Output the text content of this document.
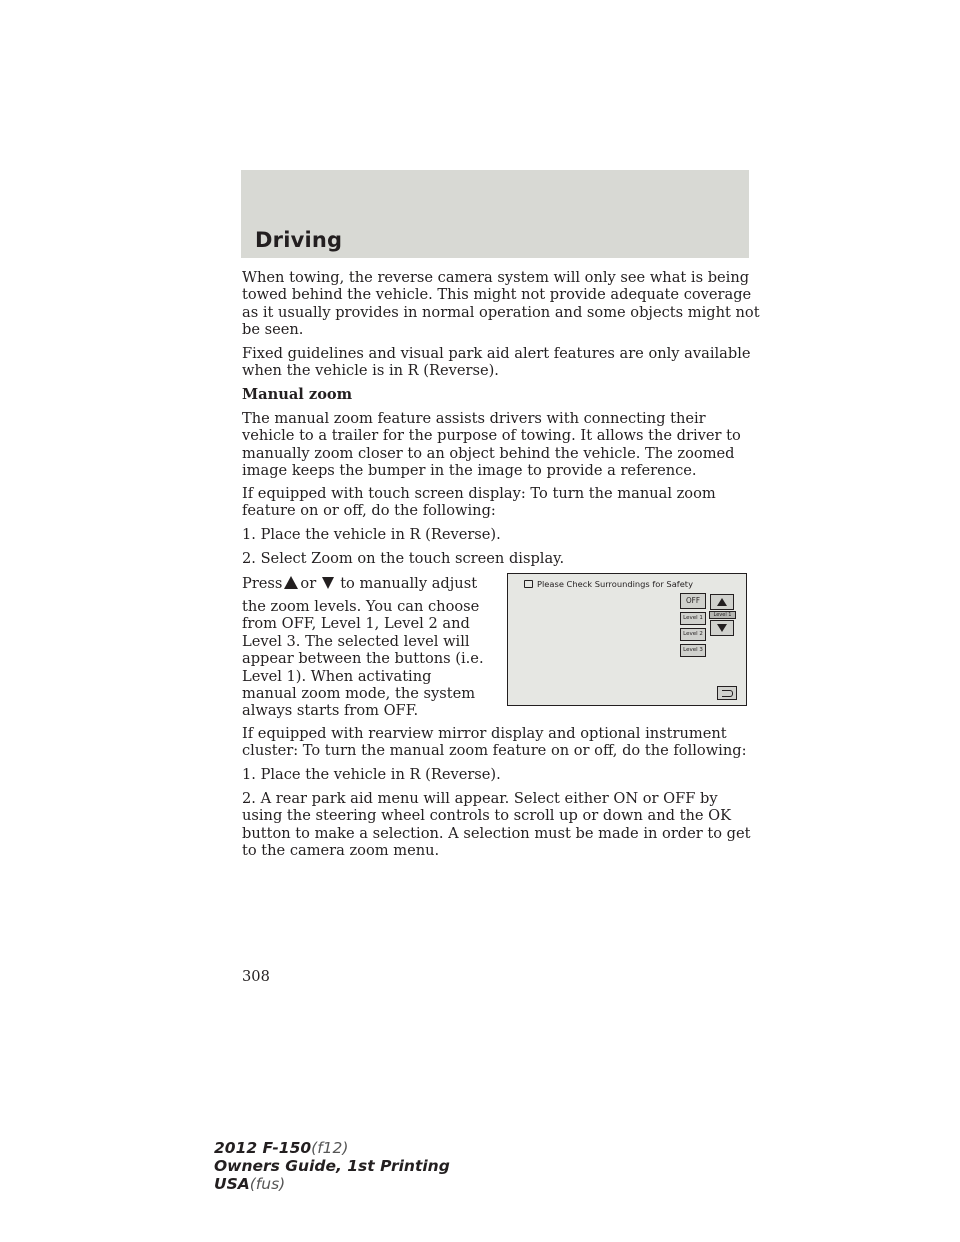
Driving

When towing, the reverse camera system will only see what is being towed behind the vehicle. This might not provide adequate coverage as it usually provides in normal operation and some objects might not be seen.

Fixed guidelines and visual park aid alert features are only available when the vehicle is in R (Reverse).

Manual zoom

The manual zoom feature assists drivers with connecting their vehicle to a trailer for the purpose of towing. It allows the driver to manually zoom closer to an object behind the vehicle. The zoomed image keeps the bumper in the image to provide a reference.

If equipped with touch screen display: To turn the manual zoom feature on or off, do the following:

1. Place the vehicle in R (Reverse).

2. Select Zoom on the touch screen display.

Press or to manually adjust

the zoom levels. You can choose from OFF, Level 1, Level 2 and Level 3. The selected level will appear between the buttons (i.e. Level 1). When activating manual zoom mode, the system always starts from OFF.

Please Check Surroundings for Safety
OFF
Level 1
Level 2
Level 3
Level 1

If equipped with rearview mirror display and optional instrument cluster: To turn the manual zoom feature on or off, do the following:

1. Place the vehicle in R (Reverse).

2. A rear park aid menu will appear. Select either ON or OFF by using the steering wheel controls to scroll up or down and the OK button to make a selection. A selection must be made in order to get to the camera zoom menu.

308
2012 F-150(f12)
Owners Guide, 1st Printing
USA(fus)
